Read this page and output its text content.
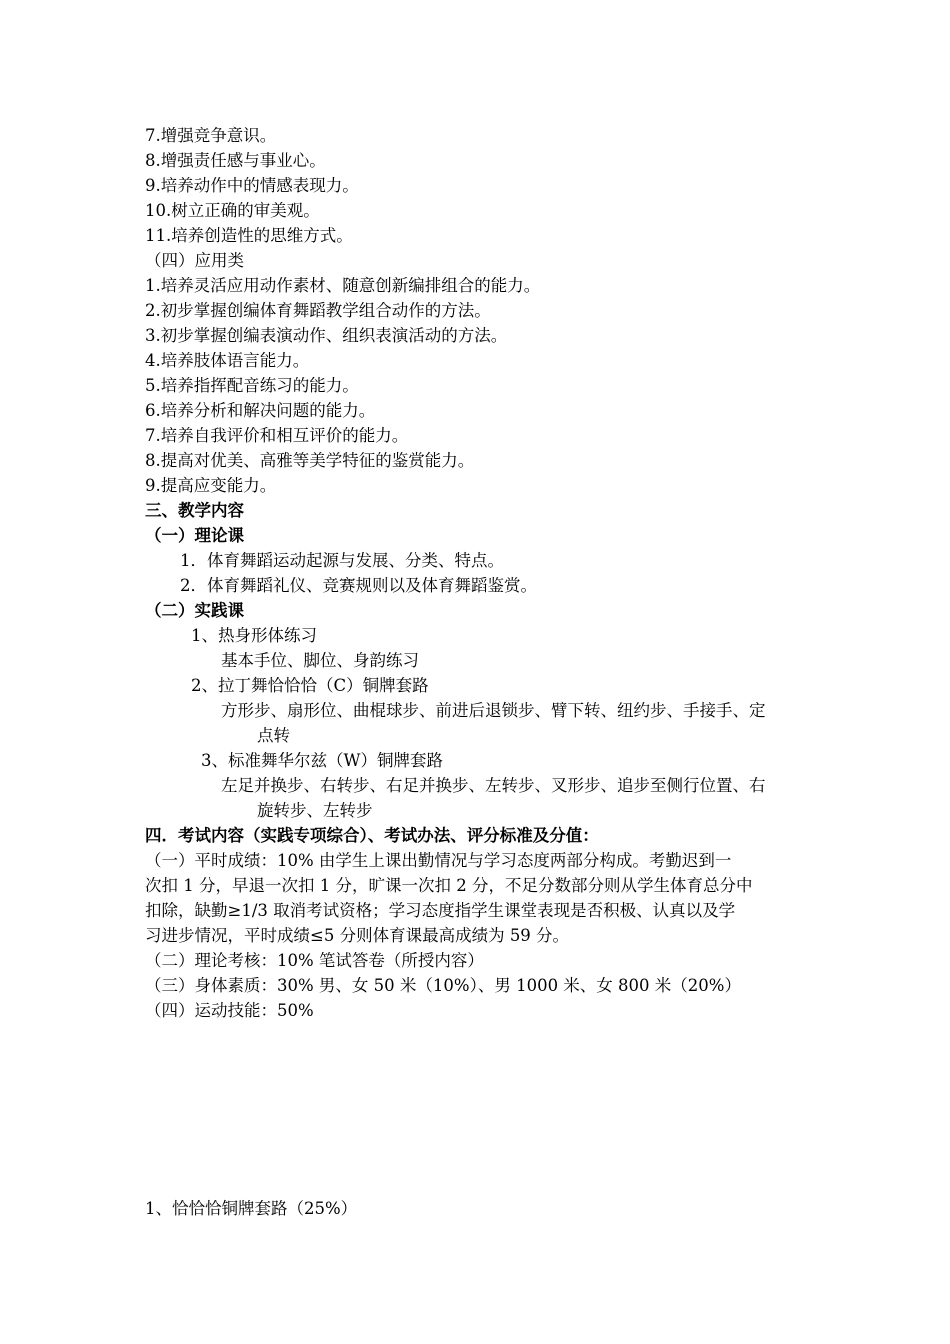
7.增强竞争意识。
8.增强责任感与事业心。
9.培养动作中的情感表现力。
10.树立正确的审美观。
11.培养创造性的思维方式。
（四）应用类
1.培养灵活应用动作素材、随意创新编排组合的能力。
2.初步掌握创编体育舞蹈教学组合动作的方法。
3.初步掌握创编表演动作、组织表演活动的方法。
4.培养肢体语言能力。
5.培养指挥配音练习的能力。
6.培养分析和解决问题的能力。
7.培养自我评价和相互评价的能力。
8.提高对优美、高雅等美学特征的鉴赏能力。
9.提高应变能力。
三、教学内容
（一）理论课
1．体育舞蹈运动起源与发展、分类、特点。
2．体育舞蹈礼仪、竞赛规则以及体育舞蹈鉴赏。
（二）实践课
1、热身形体练习
基本手位、脚位、身韵练习
2、拉丁舞恰恰恰（C）铜牌套路
方形步、扇形位、曲棍球步、前进后退锁步、臂下转、纽约步、手接手、定
点转
3、标准舞华尔兹（W）铜牌套路
左足并换步、右转步、右足并换步、左转步、叉形步、追步至侧行位置、右
旋转步、左转步
四．考试内容（实践专项综合）、考试办法、评分标准及分值：
（一）平时成绩：10% 由学生上课出勤情况与学习态度两部分构成。考勤迟到一
次扣 1 分，早退一次扣 1 分，旷课一次扣 2 分，不足分数部分则从学生体育总分中
扣除，缺勤≥1/3 取消考试资格；学习态度指学生课堂表现是否积极、认真以及学
习进步情况，平时成绩≤5 分则体育课最高成绩为 59 分。
（二）理论考核：10% 笔试答卷（所授内容）
（三）身体素质：30% 男、女 50 米（10%）、男 1000 米、女 800 米（20%）
（四）运动技能：50%
1、恰恰恰铜牌套路（25%）
